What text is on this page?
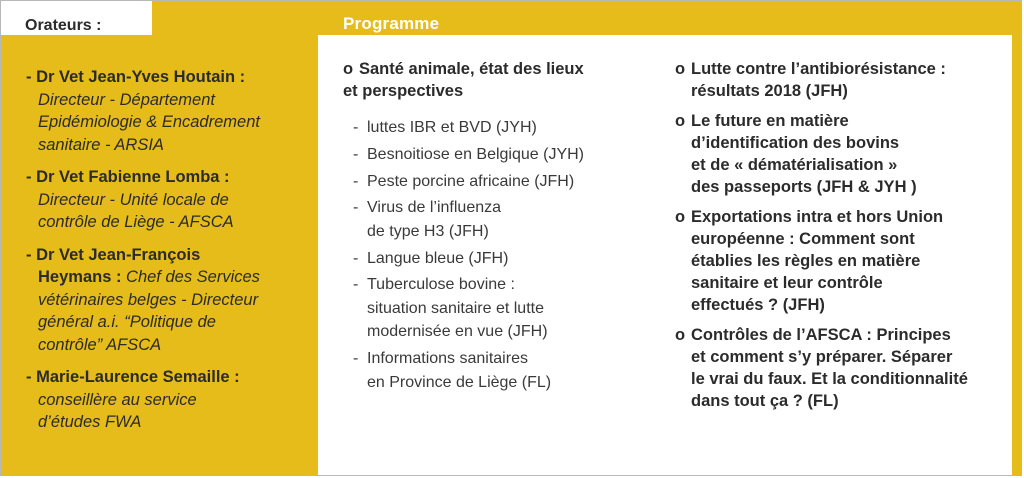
Orateurs :	Programme

- Dr Vet Jean-Yves Houtain :

Directeur - Département

Epidémiologie & Encadrement

sanitaire - ARSIA

- Dr Vet Fabienne Lomba :

Directeur - Unité locale de

contrôle de Liège - AFSCA

- Dr Vet Jean-François

Heymans : Chef des Services

vétérinaires belges - Directeur

général a.i. “Politique de

contrôle” AFSCA

- Marie-Laurence Semaille :

conseillère au service

d’études FWA

o Santé animale, état des lieux

et perspectives

- luttes IBR et BVD (JYH)
- Besnoitiose en Belgique (JYH)
- Peste porcine africaine (JFH)
- Virus de l’influenza
de type H3 (JFH)
- Langue bleue (JFH)
- Tuberculose bovine :
situation sanitaire et lutte
modernisée en vue (JFH)
- Informations sanitaires
en Province de Liège (FL)

o Lutte contre l’antibiorésistance :

résultats 2018 (JFH)

o Le future en matière

d’identification des bovins

et de « dématérialisation »

des passeports (JFH & JYH )

o Exportations intra et hors Union

européenne : Comment sont

établies les règles en matière

sanitaire et leur contrôle

effectués ? (JFH)

o Contrôles de l’AFSCA : Principes

et comment s’y préparer. Séparer

le vrai du faux. Et la conditionnalité

dans tout ça ? (FL)
